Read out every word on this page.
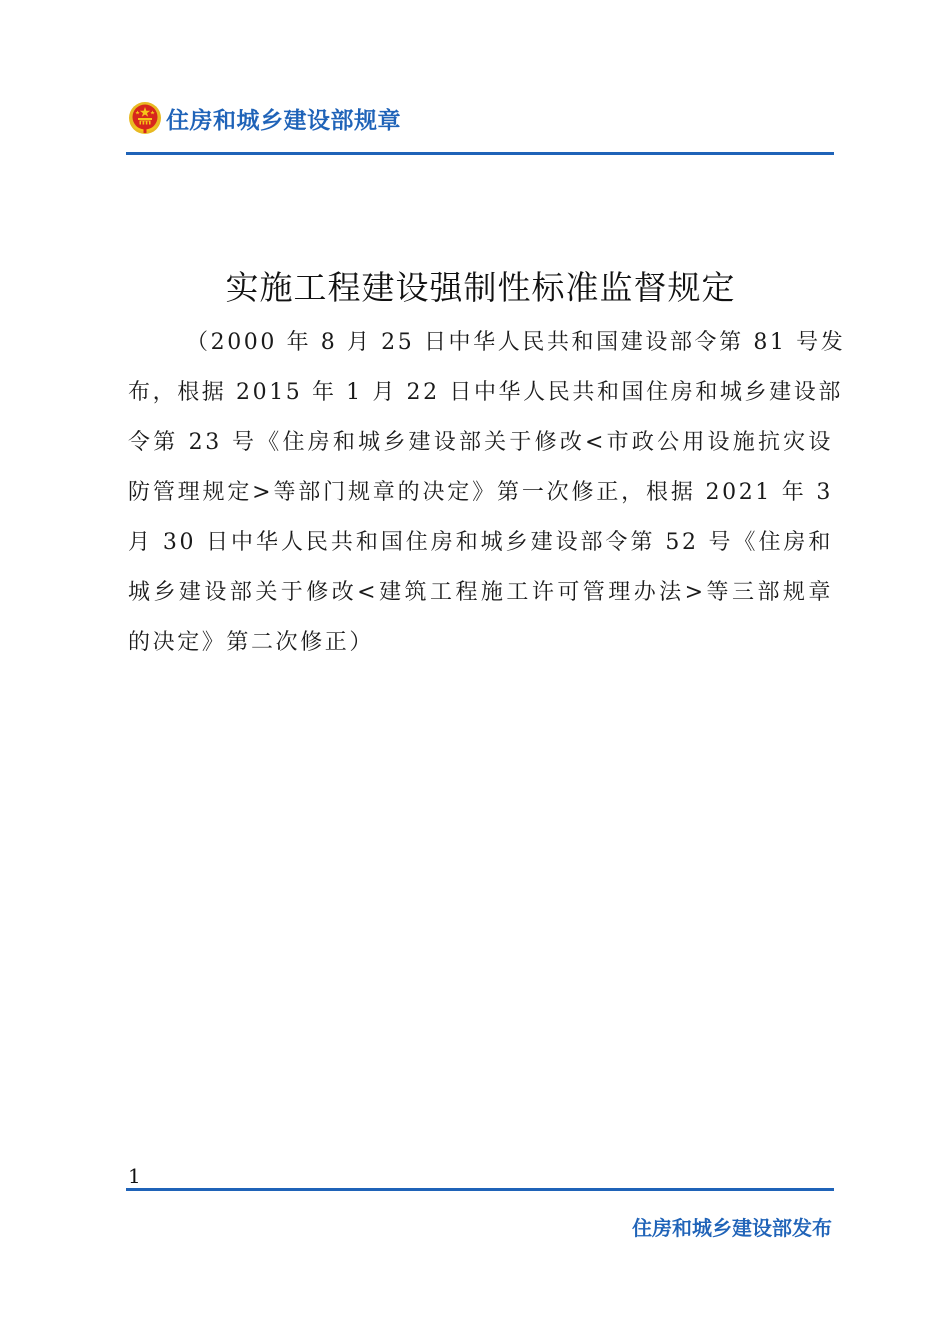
住房和城乡建设部规章
实施工程建设强制性标准监督规定

（2000 年 8 月 25 日中华人民共和国建设部令第 81 号发
布，根据 2015 年 1 月 22 日中华人民共和国住房和城乡建设部
令第 23 号《住房和城乡建设部关于修改<市政公用设施抗灾设
防管理规定>等部门规章的决定》第一次修正，根据 2021 年 3
月 30 日中华人民共和国住房和城乡建设部令第 52 号《住房和
城乡建设部关于修改<建筑工程施工许可管理办法>等三部规章
的决定》第二次修正）

1
住房和城乡建设部发布
